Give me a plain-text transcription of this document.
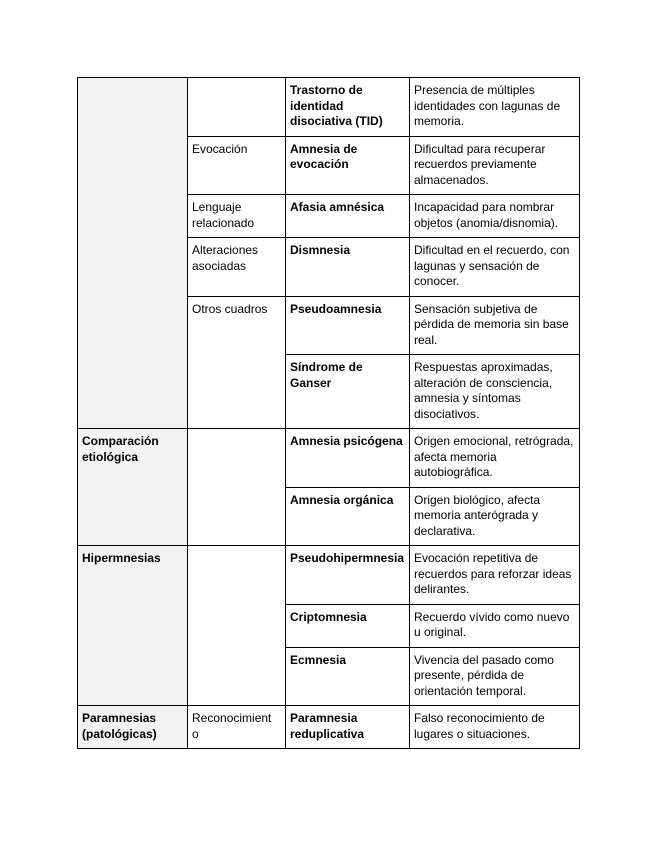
		Trastorno de identidad disociativa (TID)	Presencia de múltiples identidades con lagunas de memoria.
	Evocación	Amnesia de evocación	Dificultad para recuperar recuerdos previamente almacenados.
	Lenguaje relacionado	Afasia amnésica	Incapacidad para nombrar objetos (anomia/disnomia).
	Alteraciones asociadas	Dismnesia	Dificultad en el recuerdo, con lagunas y sensación de conocer.
	Otros cuadros	Pseudoamnesia	Sensación subjetiva de pérdida de memoria sin base real.
		Síndrome de Ganser	Respuestas aproximadas, alteración de consciencia, amnesia y síntomas disociativos.
Comparación etiológica		Amnesia psicógena	Origen emocional, retrógrada, afecta memoria autobiográfica.
		Amnesia orgánica	Origen biológico, afecta memoria anterógrada y declarativa.
Hipermnesias		Pseudohipermnesia	Evocación repetitiva de recuerdos para reforzar ideas delirantes.
		Criptomnesia	Recuerdo vívido como nuevo u original.
		Ecmnesia	Vivencia del pasado como presente, pérdida de orientación temporal.
Paramnesias (patológicas)	Reconocimient o	Paramnesia reduplicativa	Falso reconocimiento de lugares o situaciones.
